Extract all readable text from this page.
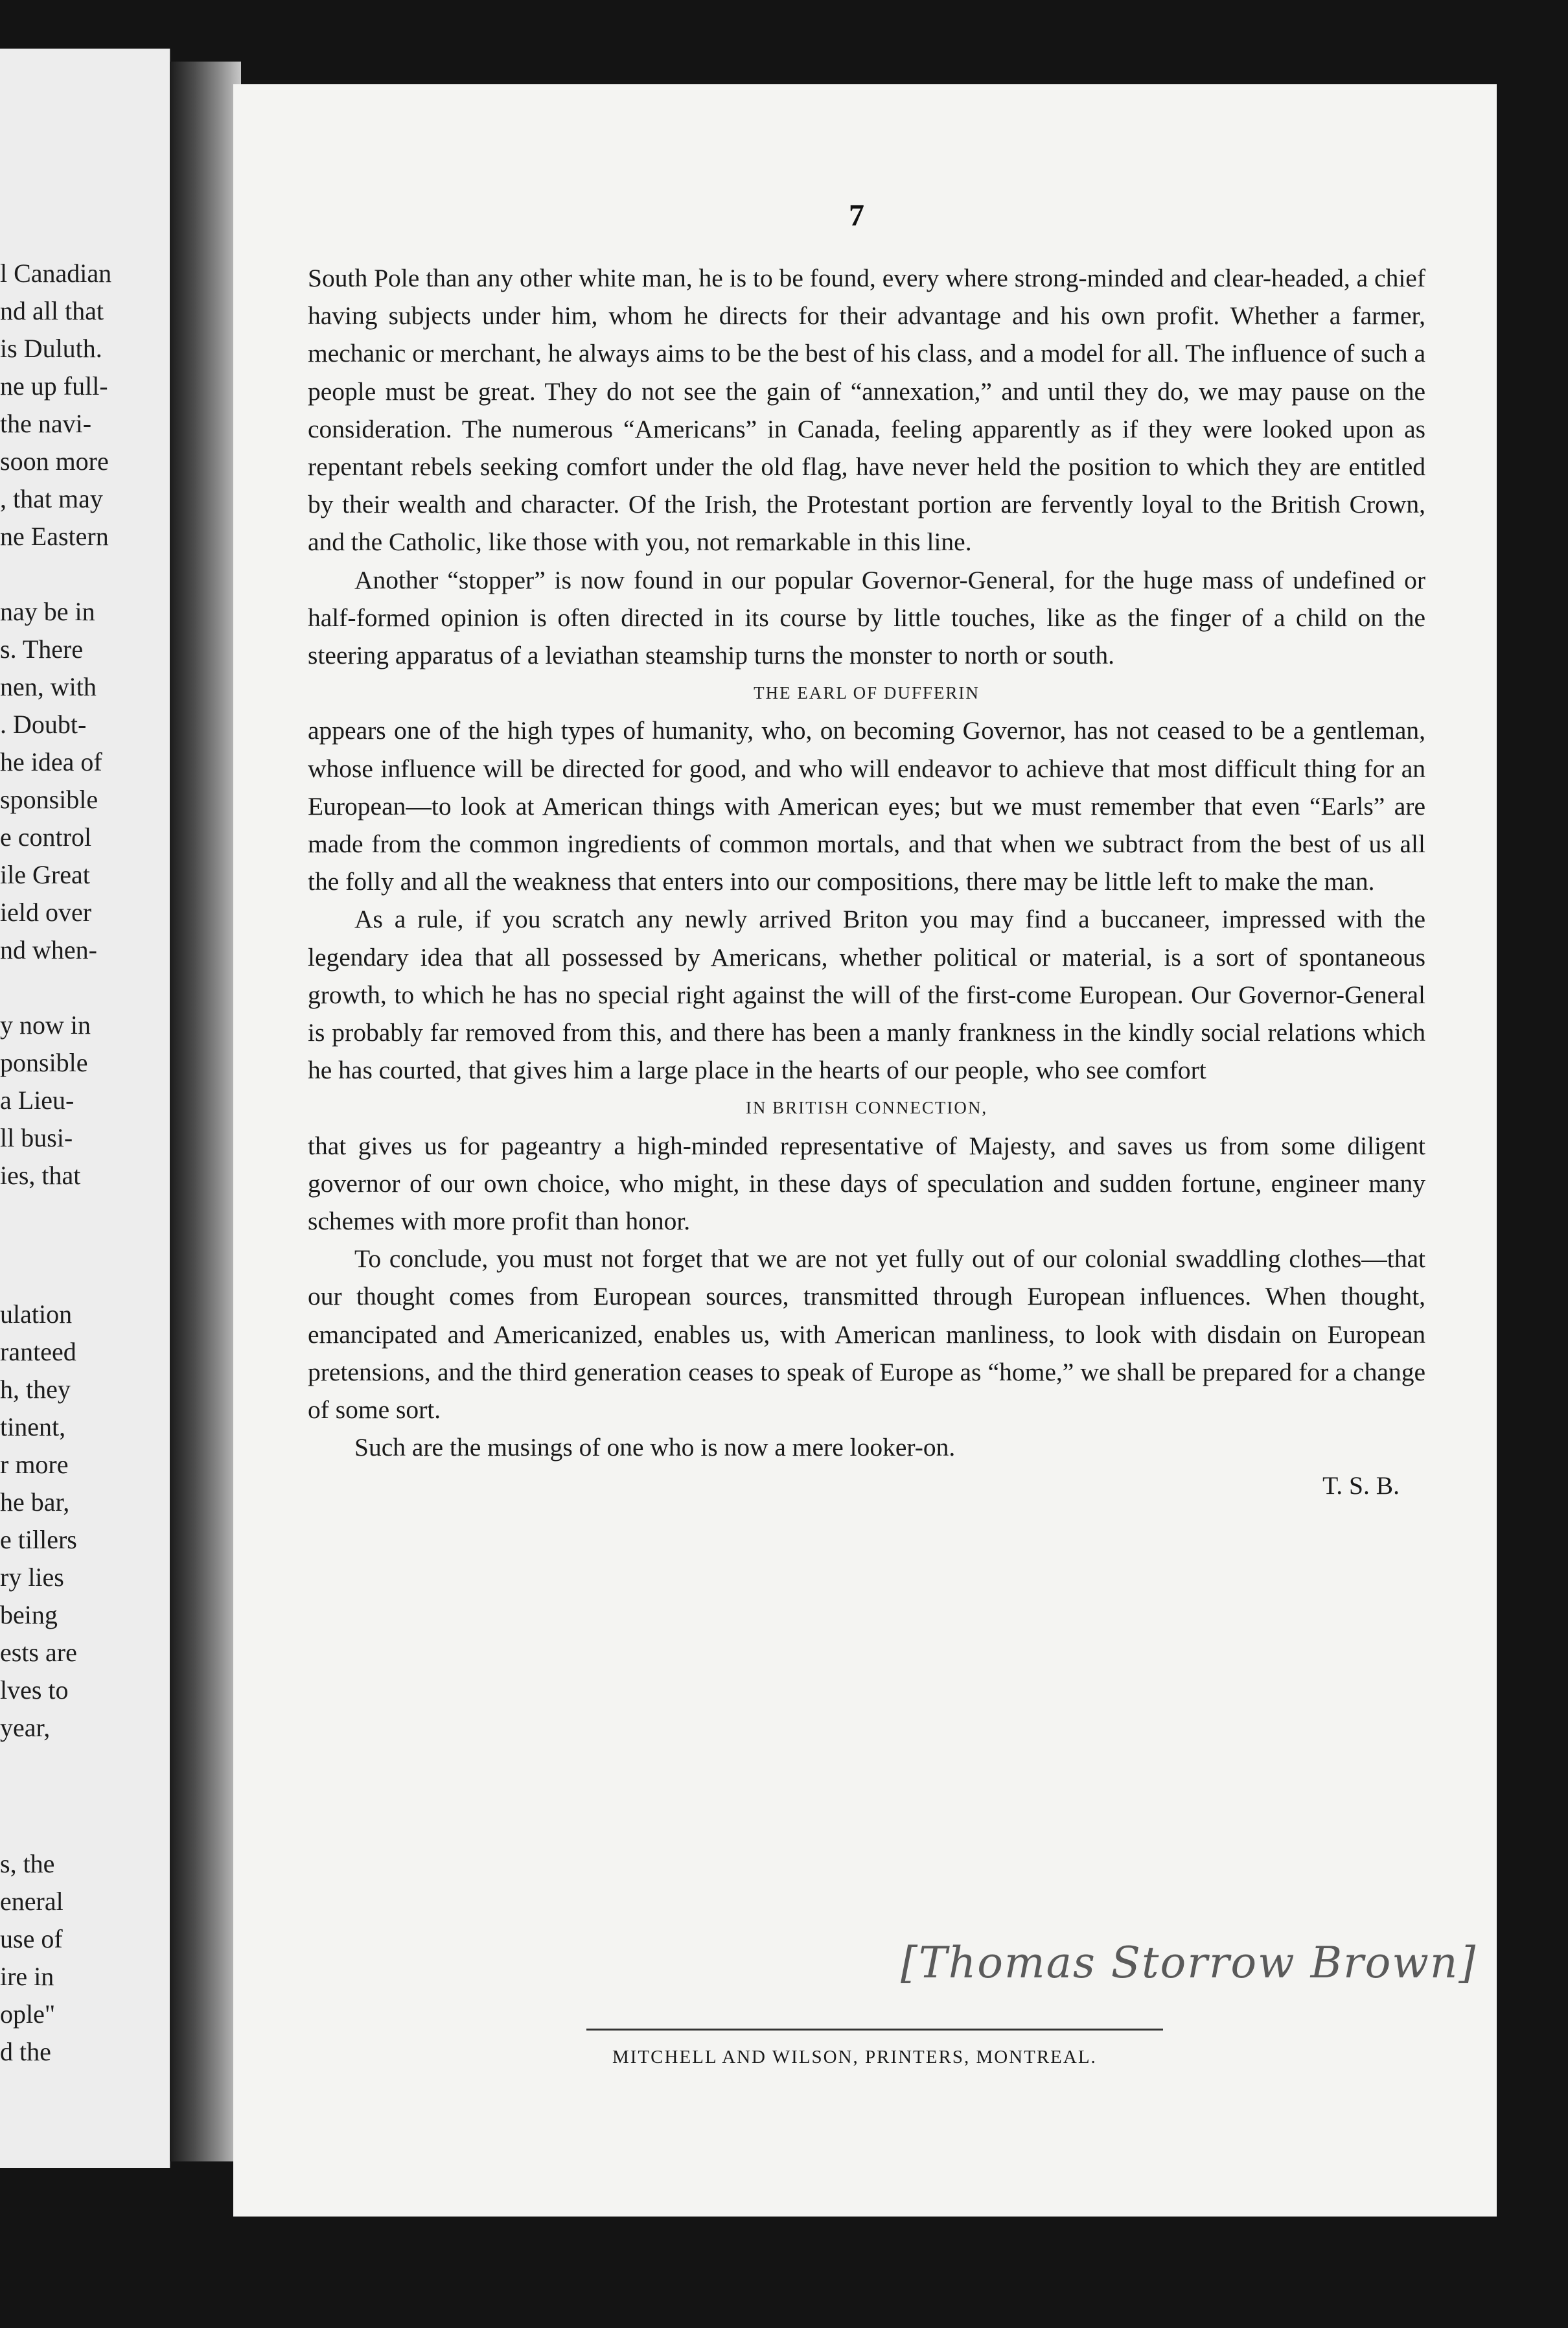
l Canadian
nd all that
is Duluth.
ne up full-
the navi-
soon more
, that may
ne Eastern
nay be in
s. There
nen, with
. Doubt-
he idea of
sponsible
e control
ile Great
ield over
nd when-
y now in
ponsible
a Lieu-
ll busi-
ies, that
ulation
ranteed
h, they
tinent,
r more
he bar,
e tillers
ry lies
being
ests are
lves to
year,
s, the
eneral
use of
ire in
ople"
d the
7

South Pole than any other white man, he is to be found, every where strong-minded and clear-headed, a chief having subjects under him, whom he directs for their advantage and his own profit. Whether a farmer, mechanic or merchant, he always aims to be the best of his class, and a model for all. The influence of such a people must be great. They do not see the gain of “annexation,” and until they do, we may pause on the consideration. The numerous “Americans” in Canada, feeling apparently as if they were looked upon as repentant rebels seeking comfort under the old flag, have never held the position to which they are entitled by their wealth and character. Of the Irish, the Protestant portion are fervently loyal to the British Crown, and the Catholic, like those with you, not remarkable in this line.

Another “stopper” is now found in our popular Governor-General, for the huge mass of undefined or half-formed opinion is often directed in its course by little touches, like as the finger of a child on the steering apparatus of a leviathan steamship turns the monster to north or south.

THE EARL OF DUFFERIN

appears one of the high types of humanity, who, on becoming Governor, has not ceased to be a gentleman, whose influence will be directed for good, and who will endeavor to achieve that most difficult thing for an European—to look at American things with American eyes; but we must remember that even “Earls” are made from the common ingredients of common mortals, and that when we subtract from the best of us all the folly and all the weakness that enters into our compositions, there may be little left to make the man.

As a rule, if you scratch any newly arrived Briton you may find a buccaneer, impressed with the legendary idea that all possessed by Americans, whether political or material, is a sort of spontaneous growth, to which he has no special right against the will of the first-come European. Our Governor-General is probably far removed from this, and there has been a manly frankness in the kindly social relations which he has courted, that gives him a large place in the hearts of our people, who see comfort

IN BRITISH CONNECTION,

that gives us for pageantry a high-minded representative of Majesty, and saves us from some diligent governor of our own choice, who might, in these days of speculation and sudden fortune, engineer many schemes with more profit than honor.

To conclude, you must not forget that we are not yet fully out of our colonial swaddling clothes—that our thought comes from European sources, transmitted through European influences. When thought, emancipated and Americanized, enables us, with American manliness, to look with disdain on European pretensions, and the third generation ceases to speak of Europe as “home,” we shall be prepared for a change of some sort.

Such are the musings of one who is now a mere looker-on.

T. S. B.

[Thomas Storrow Brown]
MITCHELL AND WILSON, PRINTERS, MONTREAL.
